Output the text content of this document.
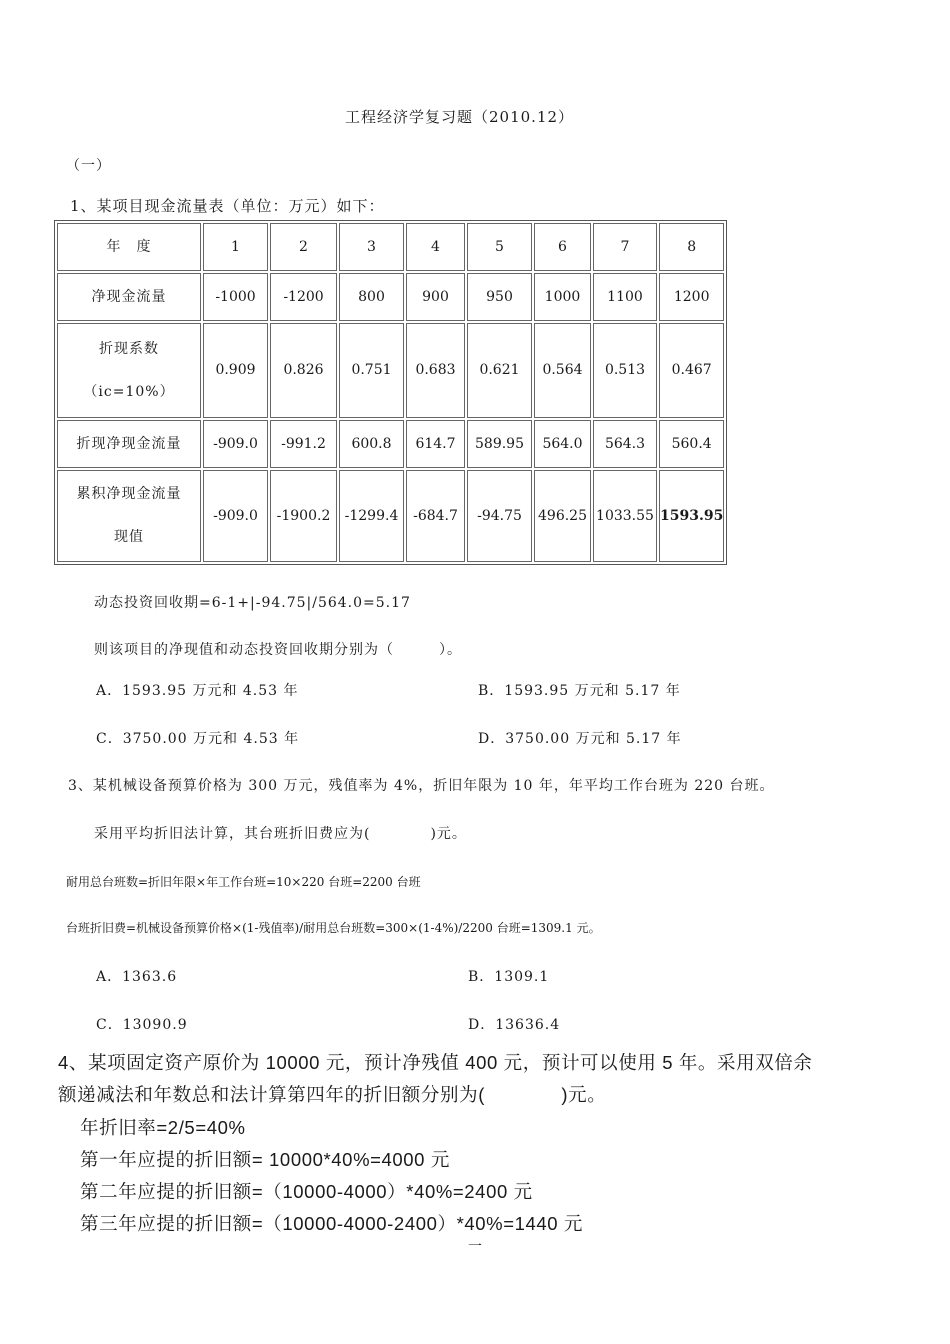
工程经济学复习题（2010.12）
（一）
1、某项目现金流量表（单位：万元）如下：
年　度	1	2	3	4	5	6	7	8
净现金流量	-1000	-1200	800	900	950	1000	1100	1200

折现系数
（ic=10%）	0.909	0.826	0.751	0.683	0.621	0.564	0.513	0.467
折现净现金流量	-909.0	-991.2	600.8	614.7	589.95	564.0	564.3	560.4

累积净现金流量
现值	-909.0	-1900.2	-1299.4	-684.7	-94.75	496.25	1033.55	1593.95
动态投资回收期=6-1+|-94.75|/564.0=5.17
则该项目的净现值和动态投资回收期分别为（　　　）。
A．1593.95 万元和 4.53 年	B．1593.95 万元和 5.17 年
C．3750.00 万元和 4.53 年	D．3750.00 万元和 5.17 年
3、某机械设备预算价格为 300 万元，残值率为 4%，折旧年限为 10 年，年平均工作台班为 220 台班。
采用平均折旧法计算，其台班折旧费应为(　　　　)元。
耐用总台班数=折旧年限×年工作台班=10×220 台班=2200 台班
台班折旧费=机械设备预算价格×(1-残值率)/耐用总台班数=300×(1-4%)/2200 台班=1309.1 元。
A．1363.6	B．1309.1
C．13090.9	D．13636.4
4、某项固定资产原价为 10000 元，预计净残值 400 元，预计可以使用 5 年。采用双倍余
额递减法和年数总和法计算第四年的折旧额分别为(　　　　)元。
年折旧率=2/5=40%
第一年应提的折旧额= 10000*40%=4000 元
第二年应提的折旧额=（10000-4000）*40%=2400 元
第三年应提的折旧额=（10000-4000-2400）*40%=1440 元
一
